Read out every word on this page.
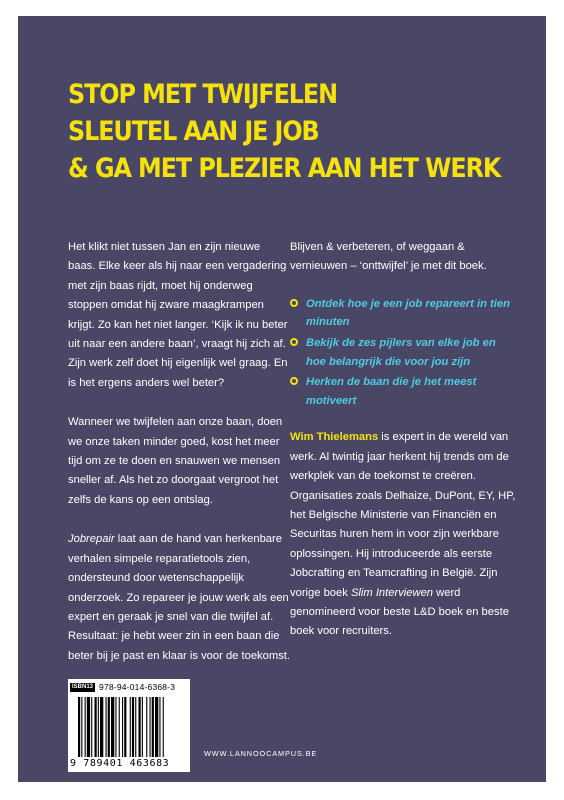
STOP MET TWIJFELEN
SLEUTEL AAN JE JOB
& GA MET PLEZIER AAN HET WERK

Het klikt niet tussen Jan en zijn nieuwe baas. Elke keer als hij naar een vergadering met zijn baas rijdt, moet hij onderweg stoppen omdat hij zware maagkrampen krijgt. Zo kan het niet langer. ‘Kijk ik nu beter uit naar een andere baan’, vraagt hij zich af. Zijn werk zelf doet hij eigenlijk wel graag. En is het ergens anders wel beter?

Wanneer we twijfelen aan onze baan, doen we onze taken minder goed, kost het meer tijd om ze te doen en snauwen we mensen sneller af. Als het zo doorgaat vergroot het zelfs de kans op een ontslag.

Jobrepair laat aan de hand van herkenbare verhalen simpele reparatietools zien, ondersteund door wetenschappelijk onderzoek. Zo repareer je jouw werk als een expert en geraak je snel van die twijfel af. Resultaat: je hebt weer zin in een baan die beter bij je past en klaar is voor de toekomst.

Blijven & verbeteren, of weggaan & vernieuwen – ‘onttwijfel’ je met dit boek.

Ontdek hoe je een job repareert in tien minuten
Bekijk de zes pijlers van elke job en hoe belangrijk die voor jou zijn
Herken de baan die je het meest motiveert

Wim Thielemans is expert in de wereld van werk. Al twintig jaar herkent hij trends om de werkplek van de toekomst te creëren. Organisaties zoals Delhaize, DuPont, EY, HP, het Belgische Ministerie van Financiën en Securitas huren hem in voor zijn werkbare oplossingen. Hij introduceerde als eerste Jobcrafting en Teamcrafting in België. Zijn vorige boek Slim Interviewen werd genomineerd voor beste L&D boek en beste boek voor recruiters.

ISBN13 978-94-014-6368-3
9 789401 463683
WWW.LANNOOCAMPUS.BE
